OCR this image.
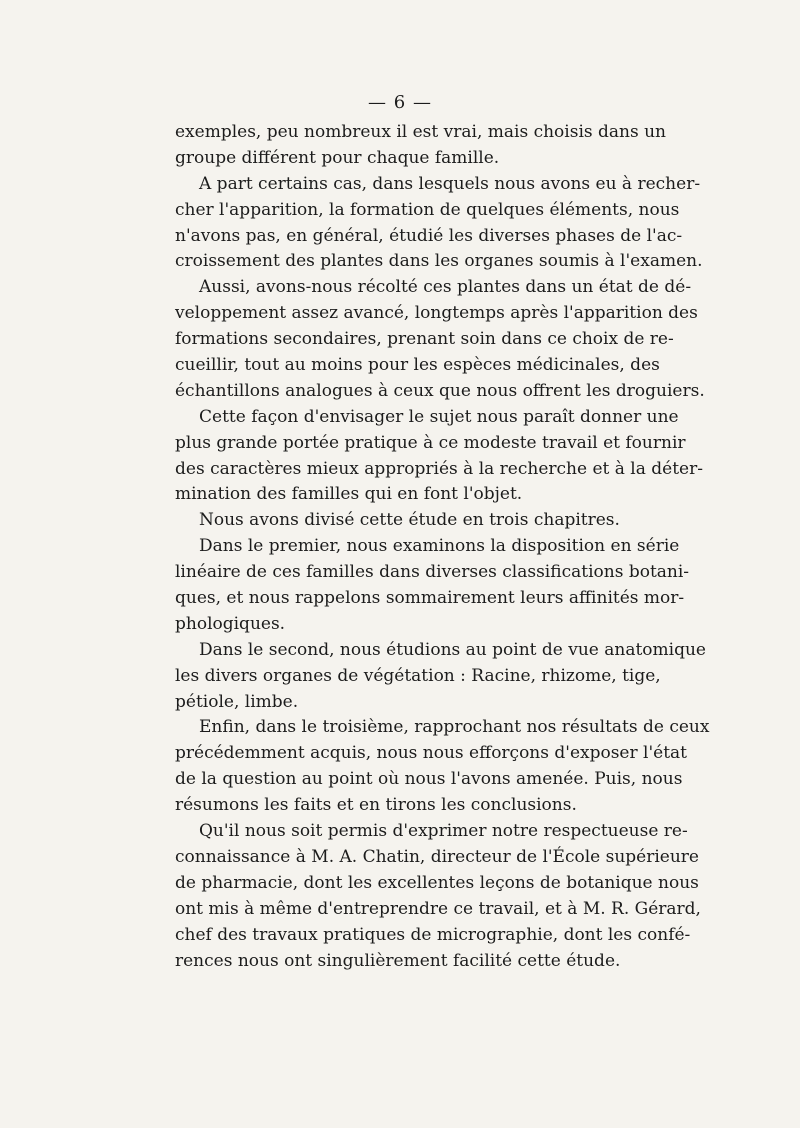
— 6 —
exemples, peu nombreux il est vrai, mais choisis dans un
groupe différent pour chaque famille.
A part certains cas, dans lesquels nous avons eu à recher-
cher l'apparition, la formation de quelques éléments, nous
n'avons pas, en général, étudié les diverses phases de l'ac-
croissement des plantes dans les organes soumis à l'examen.
Aussi, avons-nous récolté ces plantes dans un état de dé-
veloppement assez avancé, longtemps après l'apparition des
formations secondaires, prenant soin dans ce choix de re-
cueillir, tout au moins pour les espèces médicinales, des
échantillons analogues à ceux que nous offrent les droguiers.
Cette façon d'envisager le sujet nous paraît donner une
plus grande portée pratique à ce modeste travail et fournir
des caractères mieux appropriés à la recherche et à la déter-
mination des familles qui en font l'objet.
Nous avons divisé cette étude en trois chapitres.
Dans le premier, nous examinons la disposition en série
linéaire de ces familles dans diverses classifications botani-
ques, et nous rappelons sommairement leurs affinités mor-
phologiques.
Dans le second, nous étudions au point de vue anatomique
les divers organes de végétation : Racine, rhizome, tige,
pétiole, limbe.
Enfin, dans le troisième, rapprochant nos résultats de ceux
précédemment acquis, nous nous efforçons d'exposer l'état
de la question au point où nous l'avons amenée. Puis, nous
résumons les faits et en tirons les conclusions.
Qu'il nous soit permis d'exprimer notre respectueuse re-
connaissance à M. A. Chatin, directeur de l'École supérieure
de pharmacie, dont les excellentes leçons de botanique nous
ont mis à même d'entreprendre ce travail, et à M. R. Gérard,
chef des travaux pratiques de micrographie, dont les confé-
rences nous ont singulièrement facilité cette étude.
